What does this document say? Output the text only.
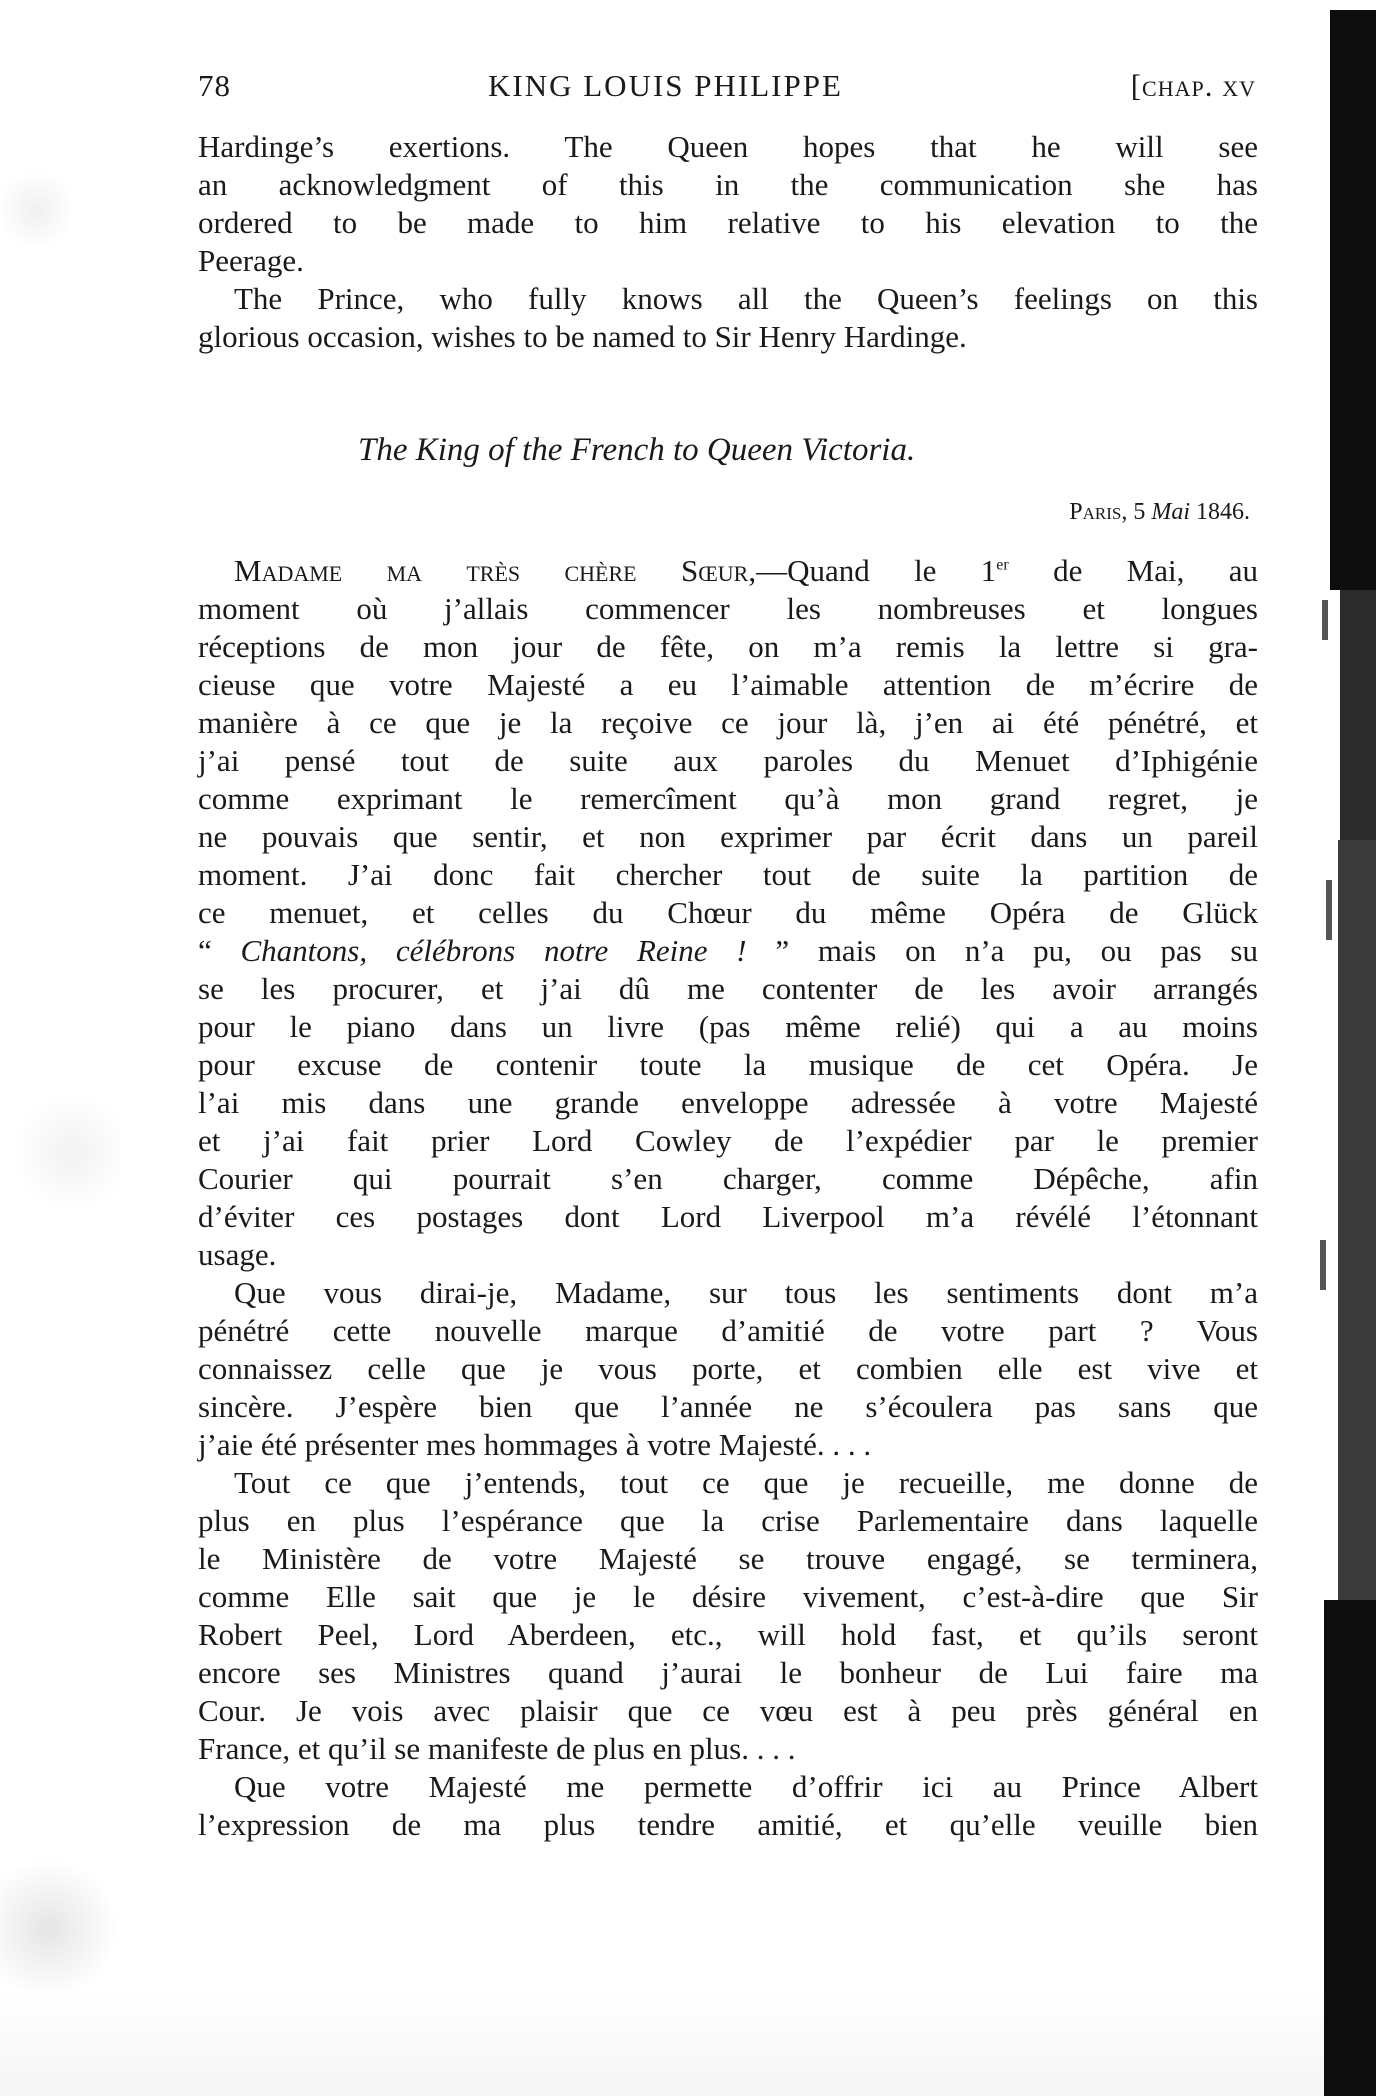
78	KING LOUIS PHILIPPE	[chap. xv
Hardinge’s exertions. The Queen hopes that he will see
an acknowledgment of this in the communication she has
ordered to be made to him relative to his elevation to the
Peerage.
The Prince, who fully knows all the Queen’s feelings on this
glorious occasion, wishes to be named to Sir Henry Hardinge.
The King of the French to Queen Victoria.
Paris, 5 Mai 1846.
Madame ma très chère Sœur,—Quand le 1er de Mai, au
moment où j’allais commencer les nombreuses et longues
réceptions de mon jour de fête, on m’a remis la lettre si gra-
cieuse que votre Majesté a eu l’aimable attention de m’écrire de
manière à ce que je la reçoive ce jour là, j’en ai été pénétré, et
j’ai pensé tout de suite aux paroles du Menuet d’Iphigénie
comme exprimant le remercîment qu’à mon grand regret, je
ne pouvais que sentir, et non exprimer par écrit dans un pareil
moment. J’ai donc fait chercher tout de suite la partition de
ce menuet, et celles du Chœur du même Opéra de Glück
“ Chantons, célébrons notre Reine ! ” mais on n’a pu, ou pas su
se les procurer, et j’ai dû me contenter de les avoir arrangés
pour le piano dans un livre (pas même relié) qui a au moins
pour excuse de contenir toute la musique de cet Opéra. Je
l’ai mis dans une grande enveloppe adressée à votre Majesté
et j’ai fait prier Lord Cowley de l’expédier par le premier
Courier qui pourrait s’en charger, comme Dépêche, afin
d’éviter ces postages dont Lord Liverpool m’a révélé l’étonnant
usage.
Que vous dirai-je, Madame, sur tous les sentiments dont m’a
pénétré cette nouvelle marque d’amitié de votre part ? Vous
connaissez celle que je vous porte, et combien elle est vive et
sincère. J’espère bien que l’année ne s’écoulera pas sans que
j’aie été présenter mes hommages à votre Majesté. . . .
Tout ce que j’entends, tout ce que je recueille, me donne de
plus en plus l’espérance que la crise Parlementaire dans laquelle
le Ministère de votre Majesté se trouve engagé, se terminera,
comme Elle sait que je le désire vivement, c’est-à-dire que Sir
Robert Peel, Lord Aberdeen, etc., will hold fast, et qu’ils seront
encore ses Ministres quand j’aurai le bonheur de Lui faire ma
Cour. Je vois avec plaisir que ce vœu est à peu près général en
France, et qu’il se manifeste de plus en plus. . . .
Que votre Majesté me permette d’offrir ici au Prince Albert
l’expression de ma plus tendre amitié, et qu’elle veuille bien
